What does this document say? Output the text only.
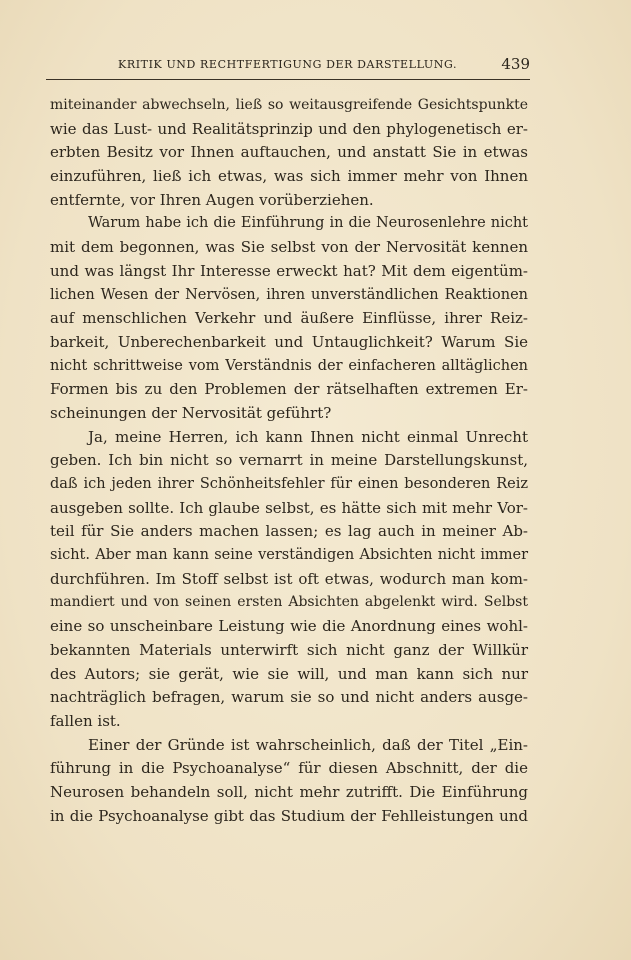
KRITIK UND RECHTFERTIGUNG DER DARSTELLUNG.	439
miteinander abwechseln, ließ so weitausgreifende Gesichtspunkte
wie das Lust- und Realitätsprinzip und den phylogenetisch er-
erbten Besitz vor Ihnen auftauchen, und anstatt Sie in etwas
einzuführen, ließ ich etwas, was sich immer mehr von Ihnen
entfernte, vor Ihren Augen vorüberziehen.
Warum habe ich die Einführung in die Neurosenlehre nicht
mit dem begonnen, was Sie selbst von der Nervosität kennen
und was längst Ihr Interesse erweckt hat? Mit dem eigentüm-
lichen Wesen der Nervösen, ihren unverständlichen Reaktionen
auf menschlichen Verkehr und äußere Einflüsse, ihrer Reiz-
barkeit, Unberechenbarkeit und Untauglichkeit? Warum Sie
nicht schrittweise vom Verständnis der einfacheren alltäglichen
Formen bis zu den Problemen der rätselhaften extremen Er-
scheinungen der Nervosität geführt?
Ja, meine Herren, ich kann Ihnen nicht einmal Unrecht
geben. Ich bin nicht so vernarrt in meine Darstellungskunst,
daß ich jeden ihrer Schönheitsfehler für einen besonderen Reiz
ausgeben sollte. Ich glaube selbst, es hätte sich mit mehr Vor-
teil für Sie anders machen lassen; es lag auch in meiner Ab-
sicht. Aber man kann seine verständigen Absichten nicht immer
durchführen. Im Stoff selbst ist oft etwas, wodurch man kom-
mandiert und von seinen ersten Absichten abgelenkt wird. Selbst
eine so unscheinbare Leistung wie die Anordnung eines wohl-
bekannten Materials unterwirft sich nicht ganz der Willkür
des Autors; sie gerät, wie sie will, und man kann sich nur
nachträglich befragen, warum sie so und nicht anders ausge-
fallen ist.
Einer der Gründe ist wahrscheinlich, daß der Titel „Ein-
führung in die Psychoanalyse“ für diesen Abschnitt, der die
Neurosen behandeln soll, nicht mehr zutrifft. Die Einführung
in die Psychoanalyse gibt das Studium der Fehlleistungen und
